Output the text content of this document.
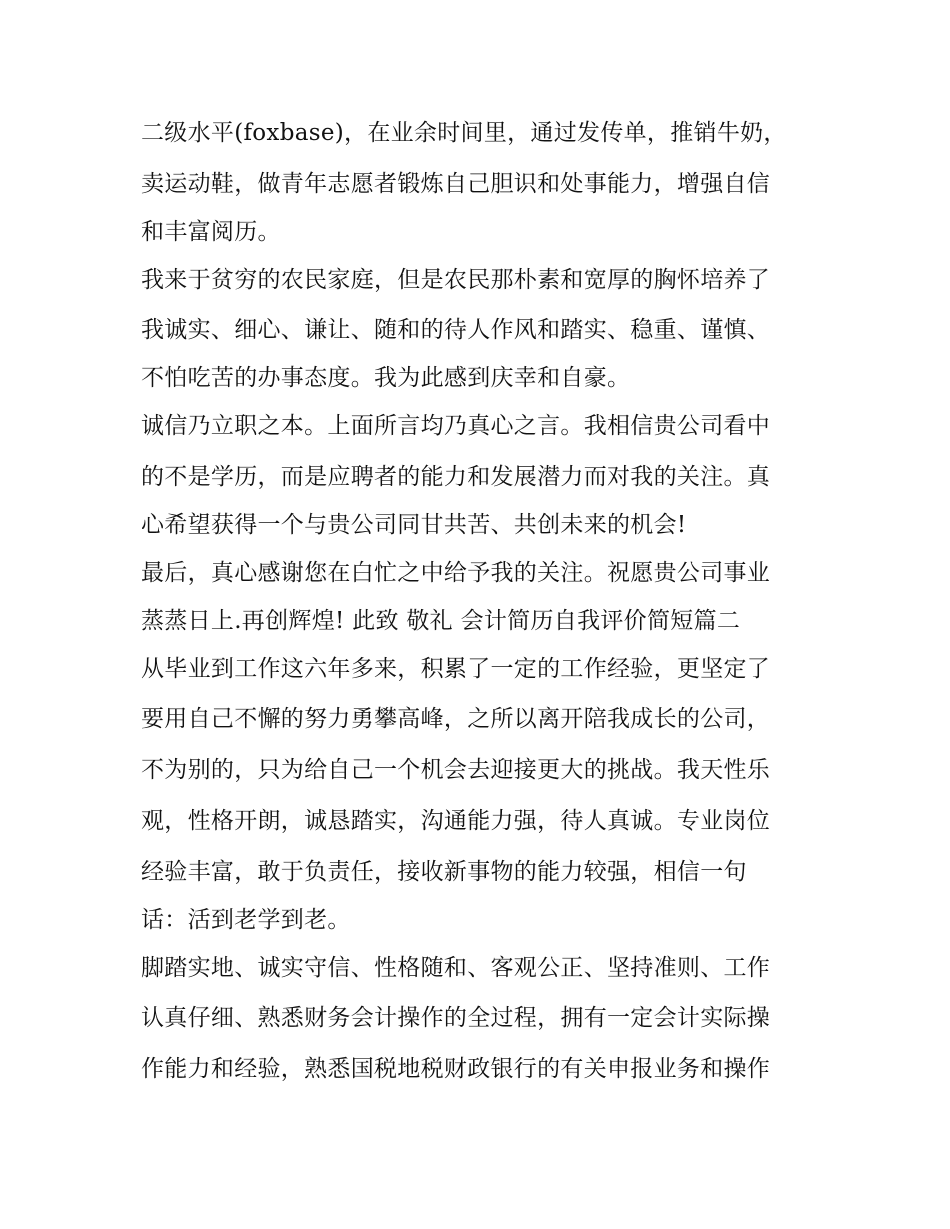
二级水平(foxbase)，在业余时间里，通过发传单，推销牛奶，
卖运动鞋，做青年志愿者锻炼自己胆识和处事能力，增强自信
和丰富阅历。
我来于贫穷的农民家庭，但是农民那朴素和宽厚的胸怀培养了
我诚实、细心、谦让、随和的待人作风和踏实、稳重、谨慎、
不怕吃苦的办事态度。我为此感到庆幸和自豪。
诚信乃立职之本。上面所言均乃真心之言。我相信贵公司看中
的不是学历，而是应聘者的能力和发展潜力而对我的关注。真
心希望获得一个与贵公司同甘共苦、共创未来的机会!
最后，真心感谢您在白忙之中给予我的关注。祝愿贵公司事业
蒸蒸日上.再创辉煌! 此致 敬礼 会计简历自我评价简短篇二
从毕业到工作这六年多来，积累了一定的工作经验，更坚定了
要用自己不懈的努力勇攀高峰，之所以离开陪我成长的公司，
不为别的，只为给自己一个机会去迎接更大的挑战。我天性乐
观，性格开朗，诚恳踏实，沟通能力强，待人真诚。专业岗位
经验丰富，敢于负责任，接收新事物的能力较强，相信一句
话：活到老学到老。
脚踏实地、诚实守信、性格随和、客观公正、坚持准则、工作
认真仔细、熟悉财务会计操作的全过程，拥有一定会计实际操
作能力和经验，熟悉国税地税财政银行的有关申报业务和操作
